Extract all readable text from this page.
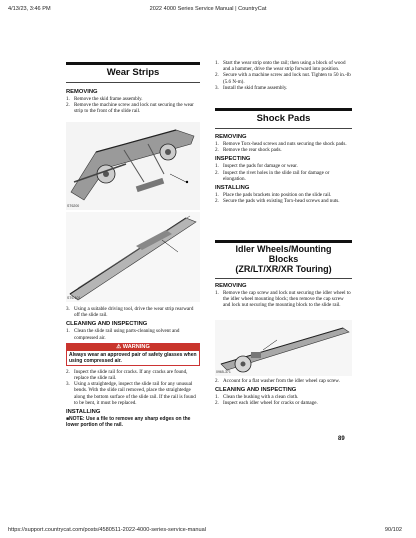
4/13/23, 3:46 PM	2022 4000 Series Service Manual | CountryCat
https://support.countrycat.com/posts/4580511-2022-4000-series-service-manual	90/102
Wear Strips
REMOVING
1. Remove the skid frame assembly.
2. Remove the machine screw and lock nut securing the wear strip to the front of the slide rail.
ST6200
ST6-101
3. Using a suitable driving tool, drive the wear strip rearward off the slide rail.
CLEANING AND INSPECTING
1. Clean the slide rail using parts-cleaning solvent and compressed air.
⚠ WARNING
Always wear an approved pair of safety glasses when using compressed air.
2. Inspect the slide rail for cracks. If any cracks are found, replace the slide rail.
3. Using a straightedge, inspect the slide rail for any unusual bends. With the slide rail removed, place the straightedge along the bottom surface of the slide rail. If the rail is found to be bent, it must be replaced.
INSTALLING
■NOTE: Use a file to remove any sharp edges on the lower portion of the rail.
1. Start the wear strip onto the rail; then using a block of wood and a hammer, drive the wear strip forward into position.
2. Secure with a machine screw and lock nut. Tighten to 50 in.-lb (5.6 N-m).
3. Install the skid frame assembly.
Shock Pads
REMOVING
1. Remove Torx-head screws and nuts securing the shock pads.
2. Remove the rear shock pads.
INSPECTING
1. Inspect the pads for damage or wear.
2. Inspect the rivet holes in the slide rail for damage or elongation.
INSTALLING
1. Place the pads brackets into position on the slide rail.
2. Secure the pads with existing Torx-head screws and nuts.
Idler Wheels/Mounting
Blocks
(ZR/LT/XR/XR Touring)
REMOVING
1. Remove the cap screw and lock nut securing the idler wheel to the idler wheel mounting block; then remove the cap screw and lock nut securing the mounting block to the slide rail.
0965-371
2. Account for a flat washer from the idler wheel cap screw.
CLEANING AND INSPECTING
1. Clean the bushing with a clean cloth.
2. Inspect each idler wheel for cracks or damage.
89
